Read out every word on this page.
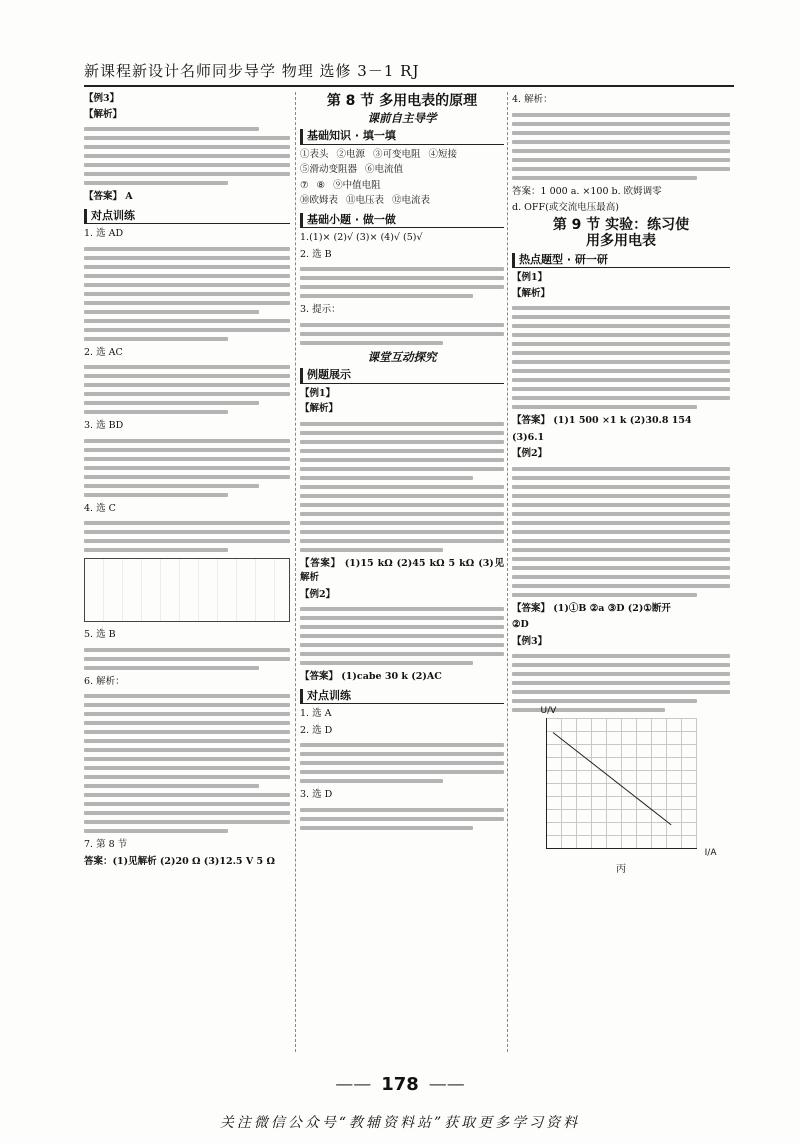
新课程新设计名师同步导学 物理 选修 3－1 RJ
【例3】
【解析】
【答案】 A
对点训练
1. 选 AD
2. 选 AC
3. 选 BD
4. 选 C
5. 选 B
6. 解析：
7. 第 8 节
答案：(1)见解析 (2)20 Ω (3)12.5 V 5 Ω
第 8 节 多用电表的原理
课前自主导学
基础知识 · 填一填
①表头 ②电源 ③可变电阻 ④短接
⑤滑动变阻器 ⑥电流值
⑦ ⑧ ⑨中值电阻
⑩欧姆表 ⑪电压表 ⑫电流表
基础小题 · 做一做
1.(1)× (2)√ (3)× (4)√ (5)√
2. 选 B
3. 提示：
课堂互动探究
例题展示
【例1】
【解析】
【答案】 (1)15 kΩ (2)45 kΩ 5 kΩ (3)见解析
【例2】
【答案】 (1)cabe 30 k (2)AC
对点训练
1. 选 A
2. 选 D
3. 选 D
4. 解析：
答案：1 000 a. ×100 b. 欧姆调零
d. OFF(或交流电压最高)
第 9 节 实验：练习使
用多用电表
热点题型 · 研一研
【例1】
【解析】
【答案】 (1)1 500 ×1 k (2)30.8 154
(3)6.1
【例2】
【答案】 (1)①B ②a ③D (2)①断开
②D
【例3】
U/V
I/A
丙
—— 178 ——
关注微信公众号“教辅资料站”获取更多学习资料
